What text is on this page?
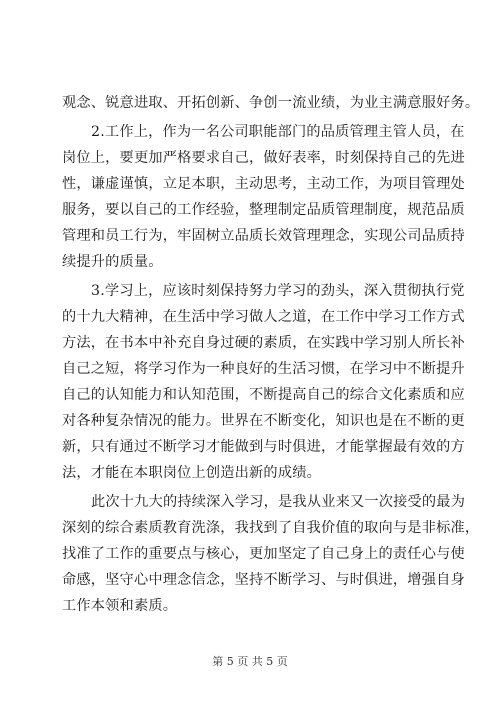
观念、锐意进取、开拓创新、争创一流业绩，为业主满意服好务。
2.工作上，作为一名公司职能部门的品质管理主管人员，在
岗位上，要更加严格要求自己，做好表率，时刻保持自己的先进
性，谦虚谨慎，立足本职，主动思考，主动工作，为项目管理处
服务，要以自己的工作经验，整理制定品质管理制度，规范品质
管理和员工行为，牢固树立品质长效管理理念，实现公司品质持
续提升的质量。
3.学习上，应该时刻保持努力学习的劲头，深入贯彻执行党
的十九大精神，在生活中学习做人之道，在工作中学习工作方式
方法，在书本中补充自身过硬的素质，在实践中学习别人所长补
自己之短，将学习作为一种良好的生活习惯，在学习中不断提升
自己的认知能力和认知范围，不断提高自己的综合文化素质和应
对各种复杂情况的能力。世界在不断变化，知识也是在不断的更
新，只有通过不断学习才能做到与时俱进，才能掌握最有效的方
法，才能在本职岗位上创造出新的成绩。
此次十九大的持续深入学习，是我从业来又一次接受的最为
深刻的综合素质教育洗涤，我找到了自我价值的取向与是非标准，
找准了工作的重要点与核心，更加坚定了自己身上的责任心与使
命感，坚守心中理念信念，坚持不断学习、与时俱进，增强自身
工作本领和素质。
第 5 页 共 5 页
